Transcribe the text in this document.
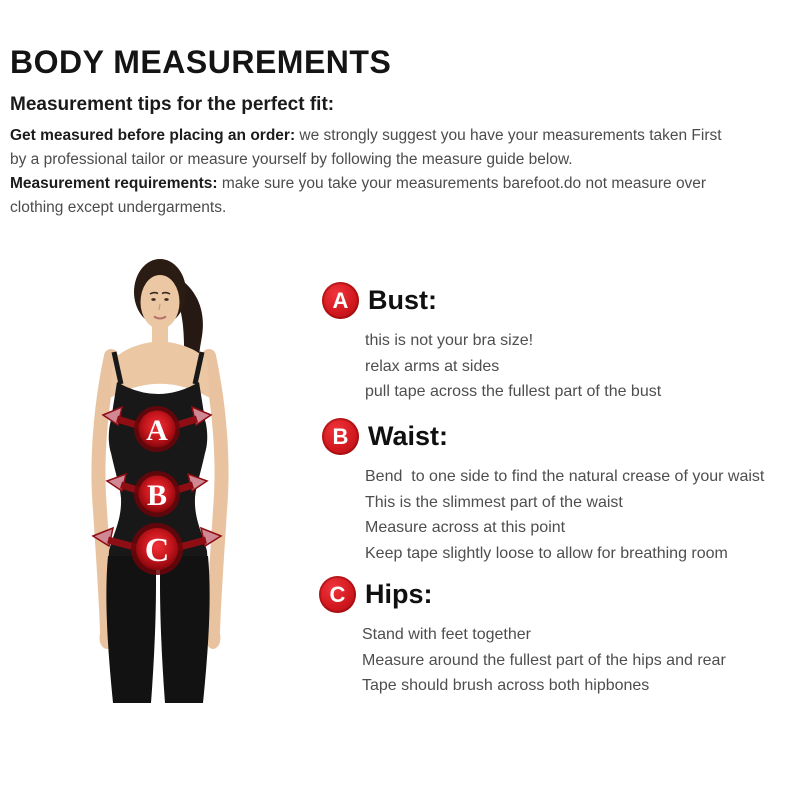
BODY MEASUREMENTS
Measurement tips for the perfect fit:

Get measured before placing an order: we strongly suggest you have your measurements taken First by a professional tailor or measure yourself by following the measure guide below.

Measurement requirements: make sure you take your measurements barefoot.do not measure over clothing except undergarments.

A
B
C
A Bust:
this is not your bra size!
relax arms at sides
pull tape across the fullest part of the bust
B Waist:
Bend  to one side to find the natural crease of your waist
This is the slimmest part of the waist
Measure across at this point
Keep tape slightly loose to allow for breathing room
C Hips:
Stand with feet together
Measure around the fullest part of the hips and rear
Tape should brush across both hipbones
